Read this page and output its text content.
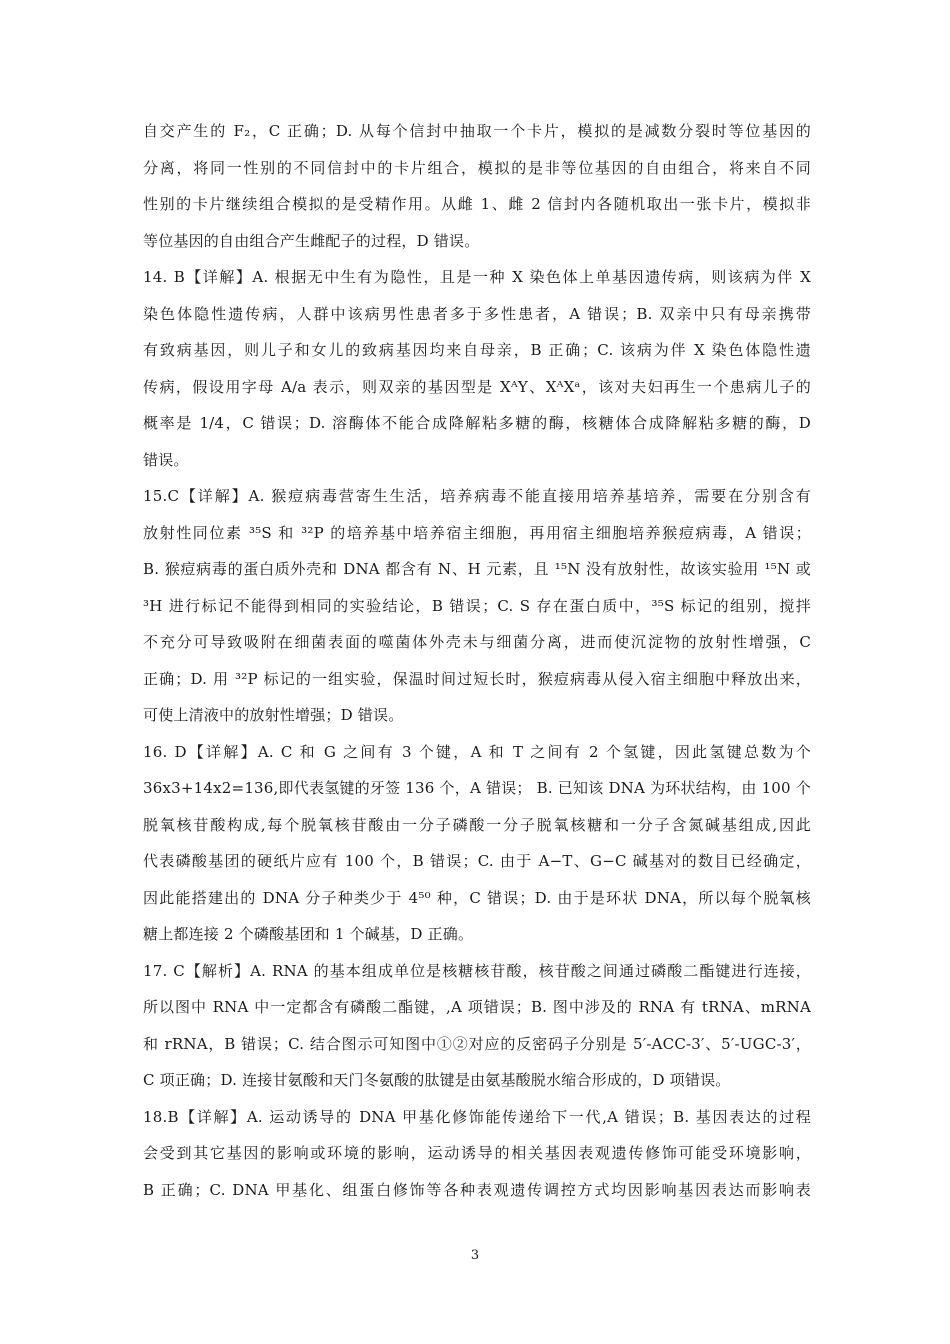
自交产生的 F₂，C 正确；D. 从每个信封中抽取一个卡片，模拟的是减数分裂时等位基因的
分离，将同一性别的不同信封中的卡片组合，模拟的是非等位基因的自由组合，将来自不同
性别的卡片继续组合模拟的是受精作用。从雌 1、雌 2 信封内各随机取出一张卡片，模拟非
等位基因的自由组合产生雌配子的过程，D 错误。
14. B【详解】A. 根据无中生有为隐性，且是一种 X 染色体上单基因遗传病，则该病为伴 X
染色体隐性遗传病，人群中该病男性患者多于多性患者，A 错误；B. 双亲中只有母亲携带
有致病基因，则儿子和女儿的致病基因均来自母亲，B 正确；C. 该病为伴 X 染色体隐性遗
传病，假设用字母 A/a 表示，则双亲的基因型是 XᴬY、XᴬXᵃ，该对夫妇再生一个患病儿子的
概率是 1/4，C 错误；D. 溶酶体不能合成降解粘多糖的酶，核糖体合成降解粘多糖的酶，D
错误。
15.C【详解】A. 猴痘病毒营寄生生活，培养病毒不能直接用培养基培养，需要在分别含有
放射性同位素 ³⁵S 和 ³²P 的培养基中培养宿主细胞，再用宿主细胞培养猴痘病毒，A 错误；
B. 猴痘病毒的蛋白质外壳和 DNA 都含有 N、H 元素，且 ¹⁵N 没有放射性，故该实验用 ¹⁵N 或
³H 进行标记不能得到相同的实验结论，B 错误；C. S 存在蛋白质中，³⁵S 标记的组别，搅拌
不充分可导致吸附在细菌表面的噬菌体外壳未与细菌分离，进而使沉淀物的放射性增强，C
正确；D. 用 ³²P 标记的一组实验，保温时间过短长时，猴痘病毒从侵入宿主细胞中释放出来，
可使上清液中的放射性增强；D 错误。
16. D【详解】A. C 和 G 之间有 3 个键，A 和 T 之间有 2 个氢键，因此氢键总数为个
36x3+14x2=136,即代表氢键的牙签 136 个，A 错误； B. 已知该 DNA 为环状结构，由 100 个
脱氧核苷酸构成,每个脱氧核苷酸由一分子磷酸一分子脱氧核糖和一分子含氮碱基组成,因此
代表磷酸基团的硬纸片应有 100 个，B 错误；C. 由于 A−T、G−C 碱基对的数目已经确定，
因此能搭建出的 DNA 分子种类少于 4⁵⁰ 种，C 错误；D. 由于是环状 DNA，所以每个脱氧核
糖上都连接 2 个磷酸基团和 1 个碱基，D 正确。
17. C【解析】A. RNA 的基本组成单位是核糖核苷酸，核苷酸之间通过磷酸二酯键进行连接，
所以图中 RNA 中一定都含有磷酸二酯键，,A 项错误；B. 图中涉及的 RNA 有 tRNA、mRNA
和 rRNA，B 错误；C. 结合图示可知图中①②对应的反密码子分别是 5′-ACC-3′、5′-UGC-3′，
C 项正确；D. 连接甘氨酸和天门冬氨酸的肽键是由氨基酸脱水缩合形成的，D 项错误。
18.B【详解】A. 运动诱导的 DNA 甲基化修饰能传递给下一代,A 错误；B. 基因表达的过程
会受到其它基因的影响或环境的影响，运动诱导的相关基因表观遗传修饰可能受环境影响，
B 正确；C. DNA 甲基化、组蛋白修饰等各种表观遗传调控方式均因影响基因表达而影响表
3
